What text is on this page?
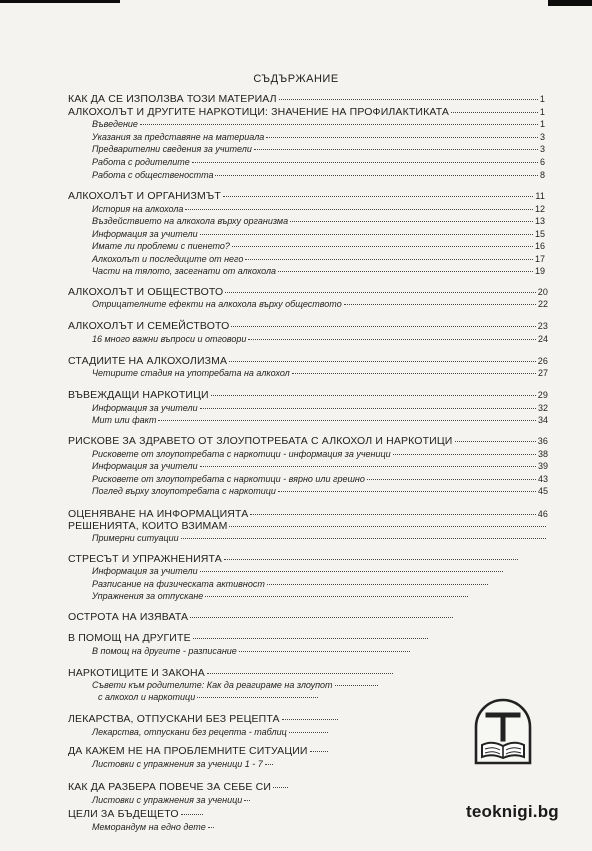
СЪДЪРЖАНИЕ
КАК ДА СЕ ИЗПОЛЗВА ТОЗИ МАТЕРИАЛ	1
АЛКОХОЛЪТ И ДРУГИТЕ НАРКОТИЦИ: ЗНАЧЕНИЕ НА ПРОФИЛАКТИКАТА	1
Въведение	1
Указания за представяне на материала	3
Предварителни сведения за учители	3
Работа с родителите	6
Работа с обществеността	8
АЛКОХОЛЪТ И ОРГАНИЗМЪТ	11
История на алкохола	12
Въздействието на алкохола върху организма	13
Информация за учители	15
Имате ли проблеми с пиенето?	16
Алкохолът и последиците от него	17
Части на тялото, засегнати от алкохола	19
АЛКОХОЛЪТ И ОБЩЕСТВОТО	20
Отрицателните ефекти на алкохола върху обществото	22
АЛКОХОЛЪТ И СЕМЕЙСТВОТО	23
16 много важни въпроси и отговори	24
СТАДИИТЕ НА АЛКОХОЛИЗМА	26
Четирите стадия на употребата на алкохол	27
ВЪВЕЖДАЩИ НАРКОТИЦИ	29
Информация за учители	32
Мит или факт	34
РИСКОВЕ ЗА ЗДРАВЕТО ОТ ЗЛОУПОТРЕБАТА С АЛКОХОЛ И НАРКОТИЦИ	36
Рисковете от злоупотребата с наркотици - информация за ученици	38
Информация за учители	39
Рисковете от злоупотребата с наркотици - вярно или грешно	43
Поглед върху злоупотребата с наркотици	45
ОЦЕНЯВАНЕ НА ИНФОРМАЦИЯТА	46
РЕШЕНИЯТА, КОИТО ВЗИМАМ
Примерни ситуации
СТРЕСЪТ И УПРАЖНЕНИЯТА
Информация за учители
Разписание на физическата активност
Упражнения за отпускане
ОСТРОТА НА ИЗЯВАТА
В ПОМОЩ НА ДРУГИТЕ
В помощ на другите - разписание
НАРКОТИЦИТЕ И ЗАКОНА
Съвети към родителите: Как да реагираме на злоупот
с алкохол и наркотици
ЛЕКАРСТВА, ОТПУСКАНИ БЕЗ РЕЦЕПТА
Лекарства, отпускани без рецепта - таблиц
ДА КАЖЕМ НЕ НА ПРОБЛЕМНИТЕ СИТУАЦИИ
Листовки с упражнения за ученици 1 - 7
КАК ДА РАЗБЕРА ПОВЕЧЕ ЗА СЕБЕ СИ
Листовки с упражнения за ученици
ЦЕЛИ ЗА БЪДЕЩЕТО
Меморандум на едно дете
teoknigi.bg
